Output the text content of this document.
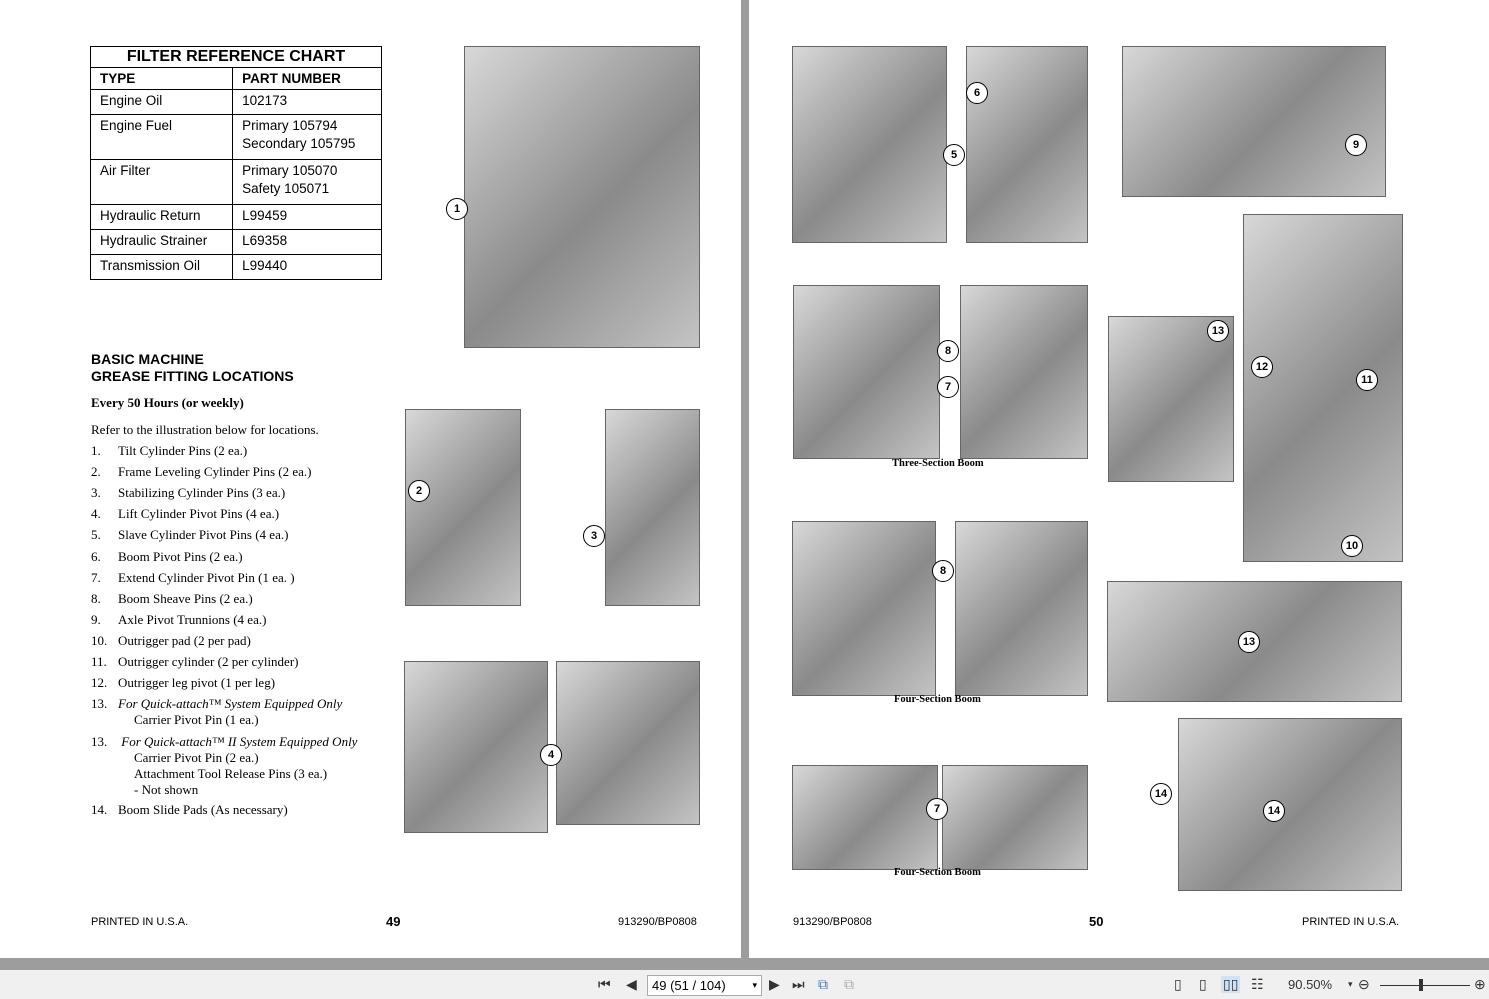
FILTER REFERENCE CHART	
TYPE	PART NUMBER
Engine Oil	102173

Engine Fuel	Primary 105794
Secondary 105795

Air Filter	Primary 105070
Safety 105071

Hydraulic Return	L99459

Hydraulic Strainer	L69358

Transmission Oil	L99440
BASIC MACHINE
GREASE FITTING LOCATIONS
Every 50 Hours (or weekly)
Refer to the illustration below for locations.
1. Tilt Cylinder Pins (2 ea.)
2. Frame Leveling Cylinder Pins (2 ea.)
3. Stabilizing Cylinder Pins (3 ea.)
4. Lift Cylinder Pivot Pins (4 ea.)
5. Slave Cylinder Pivot Pins (4 ea.)
6. Boom Pivot Pins (2 ea.)
7. Extend Cylinder Pivot Pin (1 ea. )
8. Boom Sheave Pins (2 ea.)
9. Axle Pivot Trunnions (4 ea.)
10. Outrigger pad (2 per pad)
11. Outrigger cylinder (2 per cylinder)
12. Outrigger leg pivot (1 per leg)
13. For Quick-attach™ System Equipped Only
Carrier Pivot Pin (1 ea.)
13. For Quick-attach™ II System Equipped Only
Carrier Pivot Pin (2 ea.)
Attachment Tool Release Pins (3 ea.)
- Not shown
14. Boom Slide Pads (As necessary)
1
2
3
4
PRINTED IN U.S.A.	49	913290/BP0808
5
6
9
8
7
13
12
11
10
8
13
7
14
14
Three-Section Boom
Four-Section Boom
Four-Section Boom
913290/BP0808	50	PRINTED IN U.S.A.
⏮ ◀	49 (51 / 104)	▾ ▶ ⏭ ⧉ ⧉	▯ ▯ ▯▯ ☷ 90.50% ▾ ⊖	⊕
